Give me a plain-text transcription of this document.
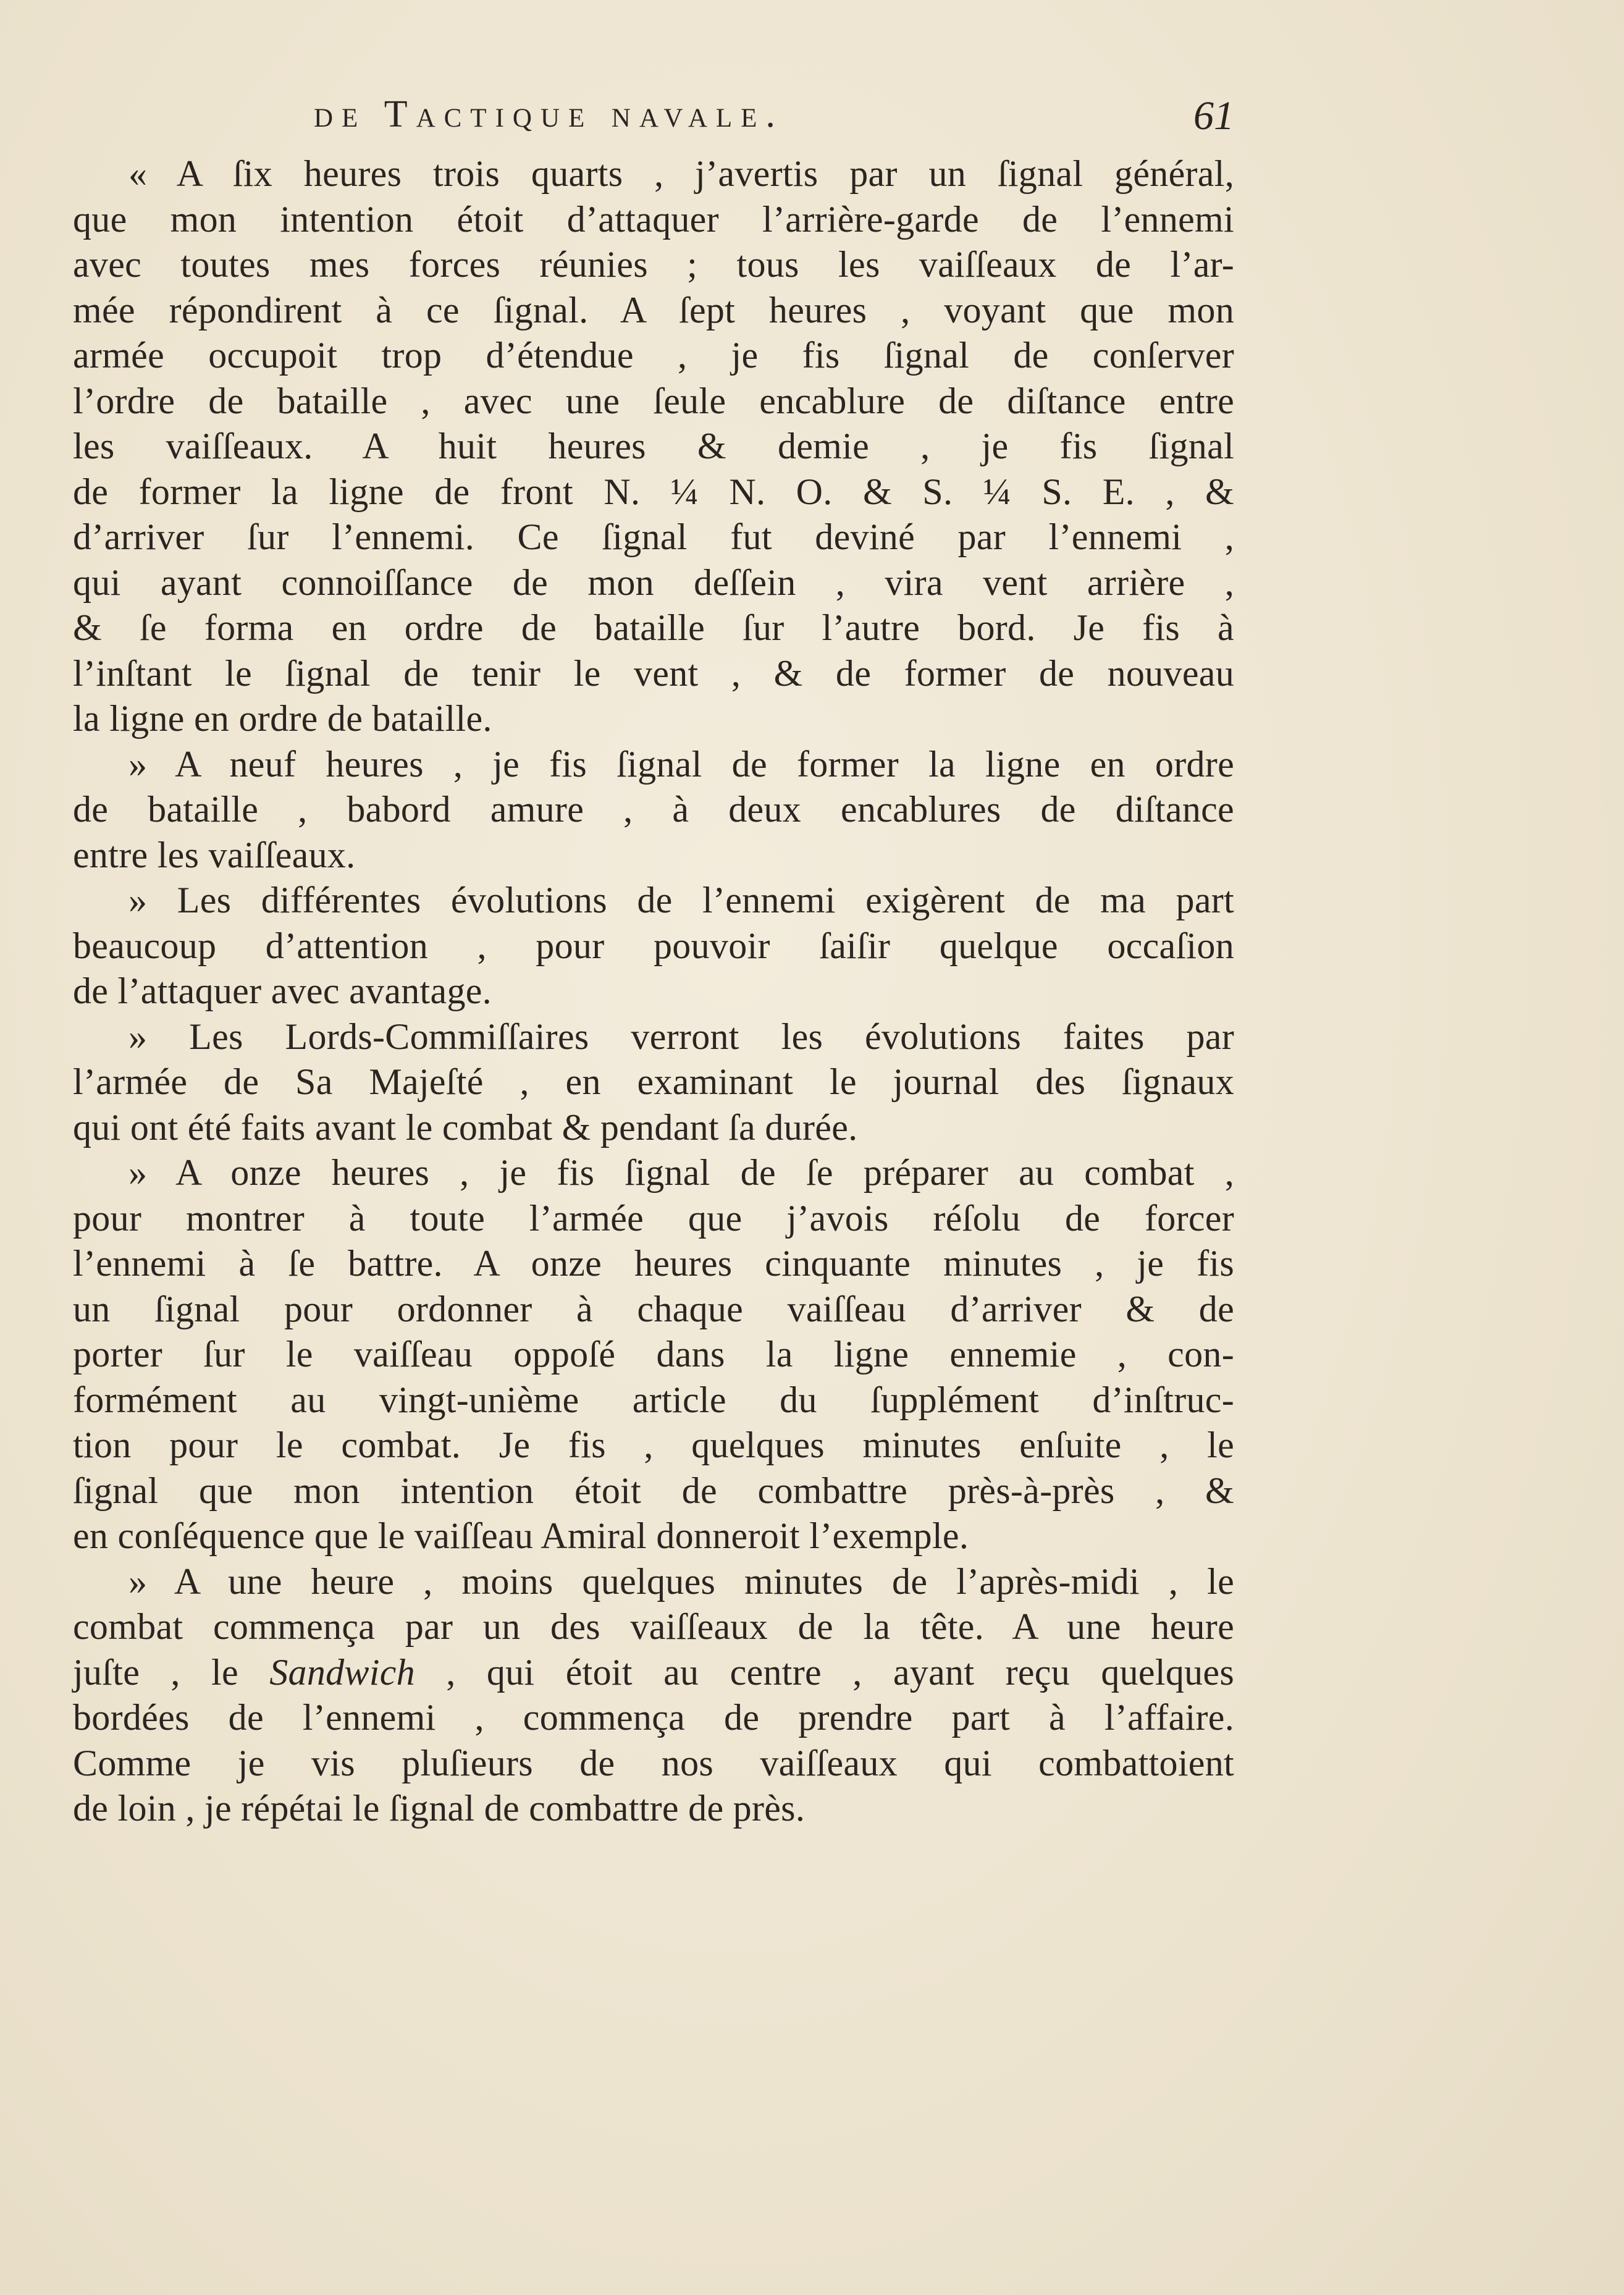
de Tactique navale.	61
« A ſix heures trois quarts , j’avertis par un ſignal général,
que mon intention étoit d’attaquer l’arrière-garde de l’ennemi
avec toutes mes forces réunies ; tous les vaiſſeaux de l’ar-
mée répondirent à ce ſignal. A ſept heures , voyant que mon
armée occupoit trop d’étendue , je fis ſignal de conſerver
l’ordre de bataille , avec une ſeule encablure de diſtance entre
les vaiſſeaux. A huit heures & demie , je fis ſignal
de former la ligne de front N. ¼ N. O. & S. ¼ S. E. , &
d’arriver ſur l’ennemi. Ce ſignal fut deviné par l’ennemi ,
qui ayant connoiſſance de mon deſſein , vira vent arrière ,
& ſe forma en ordre de bataille ſur l’autre bord. Je fis à
l’inſtant le ſignal de tenir le vent , & de former de nouveau
la ligne en ordre de bataille.
» A neuf heures , je fis ſignal de former la ligne en ordre
de bataille , babord amure , à deux encablures de diſtance
entre les vaiſſeaux.
» Les différentes évolutions de l’ennemi exigèrent de ma part
beaucoup d’attention , pour pouvoir ſaiſir quelque occaſion
de l’attaquer avec avantage.
» Les Lords-Commiſſaires verront les évolutions faites par
l’armée de Sa Majeſté , en examinant le journal des ſignaux
qui ont été faits avant le combat & pendant ſa durée.
» A onze heures , je fis ſignal de ſe préparer au combat ,
pour montrer à toute l’armée que j’avois réſolu de forcer
l’ennemi à ſe battre. A onze heures cinquante minutes , je fis
un ſignal pour ordonner à chaque vaiſſeau d’arriver & de
porter ſur le vaiſſeau oppoſé dans la ligne ennemie , con-
formément au vingt-unième article du ſupplément d’inſtruc-
tion pour le combat. Je fis , quelques minutes enſuite , le
ſignal que mon intention étoit de combattre près-à-près , &
en conſéquence que le vaiſſeau Amiral donneroit l’exemple.
» A une heure , moins quelques minutes de l’après-midi , le
combat commença par un des vaiſſeaux de la tête. A une heure
juſte , le Sandwich , qui étoit au centre , ayant reçu quelques
bordées de l’ennemi , commença de prendre part à l’affaire.
Comme je vis pluſieurs de nos vaiſſeaux qui combattoient
de loin , je répétai le ſignal de combattre de près.
